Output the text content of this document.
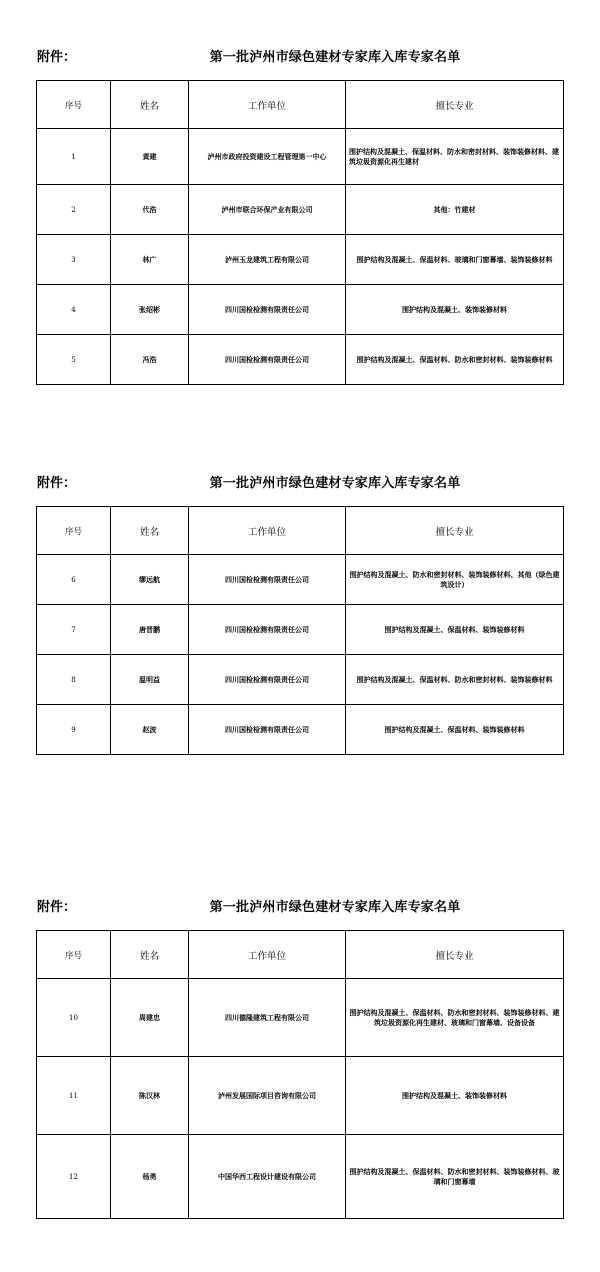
附件：	第一批泸州市绿色建材专家库入库专家名单
序号	姓名	工作单位	擅长专业
1	黄建	泸州市政府投资建设工程管理第一中心	围护结构及混凝土、保温材料、防水和密封材料、装饰装修材料、建筑垃圾资源化再生建材
2	代浩	泸州市联合环保产业有限公司	其他：竹建材
3	林广	泸州玉龙建筑工程有限公司	围护结构及混凝土、保温材料、玻璃和门窗幕墙、装饰装修材料
4	张绍彬	四川国检检测有限责任公司	围护结构及混凝土、装饰装修材料
5	冯浩	四川国检检测有限责任公司	围护结构及混凝土、保温材料、防水和密封材料、装饰装修材料
附件：	第一批泸州市绿色建材专家库入库专家名单
序号	姓名	工作单位	擅长专业
6	缪远航	四川国检检测有限责任公司	围护结构及混凝土、防水和密封材料、装饰装修材料、其他（绿色建筑设计）
7	唐晋鹏	四川国检检测有限责任公司	围护结构及混凝土、保温材料、装饰装修材料
8	温明益	四川国检检测有限责任公司	围护结构及混凝土、保温材料、防水和密封材料、装饰装修材料
9	赵波	四川国检检测有限责任公司	围护结构及混凝土、保温材料、装饰装修材料
附件：	第一批泸州市绿色建材专家库入库专家名单
序号	姓名	工作单位	擅长专业
10	周建忠	四川德隆建筑工程有限公司	围护结构及混凝土、保温材料、防水和密封材料、装饰装修材料、建筑垃圾资源化再生建材、玻璃和门窗幕墙、设备设备
11	陈汉林	泸州发展国际项目咨询有限公司	围护结构及混凝土、装饰装修材料
12	杨勇	中国华西工程设计建设有限公司	围护结构及混凝土、保温材料、防水和密封材料、装饰装修材料、玻璃和门窗幕墙
